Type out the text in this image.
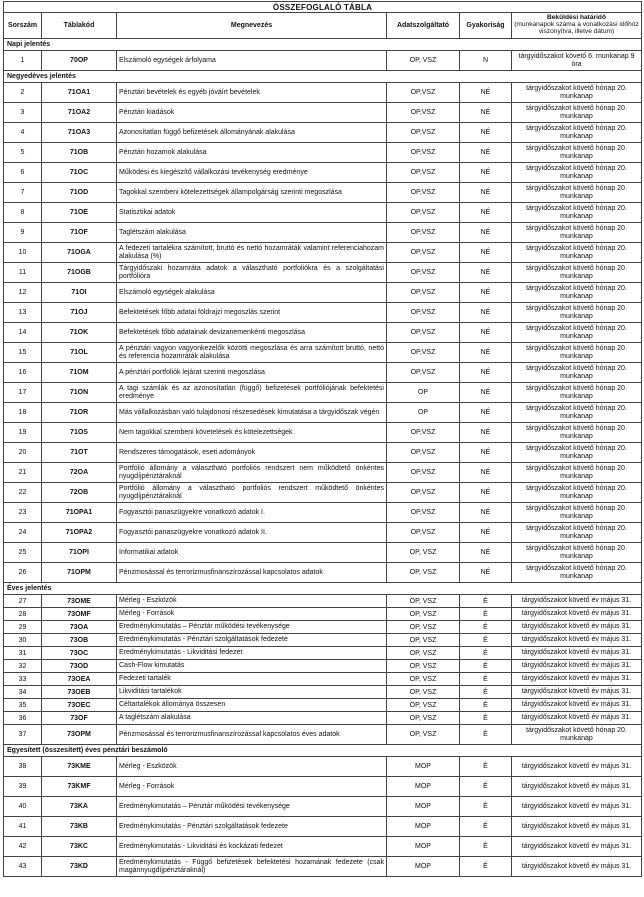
ÖSSZEFOGLALÓ TÁBLA					
Sorszám	Táblakód	Megnevezés	Adatszolgáltató	Gyakoriság	Beküldési határidő
(munkanapok száma a vonatkozási időhöz viszonyítva, illetve dátum)

Napi jelentés					
1	70OP	Elszámoló egységek árfolyama	OP, VSZ	N	tárgyidőszakot követő 6. munkanap 9 óra
Negyedéves jelentés					
2	71OA1	Pénztári bevételek és egyéb jóváírt bevételek	OP,VSZ	NÉ	tárgyidőszakot követő hónap 20. munkanap
3	71OA2	Pénztári kiadások	OP,VSZ	NÉ	tárgyidőszakot követő hónap 20. munkanap
4	71OA3	Azonosítatlan függő befizetések állományának alakulása	OP,VSZ	NÉ	tárgyidőszakot követő hónap 20. munkanap
5	71OB	Pénztári hozamok alakulása	OP,VSZ	NÉ	tárgyidőszakot követő hónap 20. munkanap
6	71OC	Működési és kiegészítő vállalkozási tevékenység eredménye	OP,VSZ	NÉ	tárgyidőszakot követő hónap 20. munkanap
7	71OD	Tagokkal szembeni kötelezettségek állampolgárság szerinti megoszlása	OP,VSZ	NÉ	tárgyidőszakot követő hónap 20. munkanap
8	71OE	Statisztikai adatok	OP,VSZ	NÉ	tárgyidőszakot követő hónap 20. munkanap
9	71OF	Taglétszám alakulása	OP,VSZ	NÉ	tárgyidőszakot követő hónap 20. munkanap
10	71OGA	A fedezeti tartalékra számított, bruttó és nettó hozamráták valamint referenciahozam alakulása (%)	OP,VSZ	NÉ	tárgyidőszakot követő hónap 20. munkanap
11	71OGB	Tárgyidőszaki hozamráta adatok a választható portfoliókra és a szolgáltatási portfólióra	OP,VSZ	NÉ	tárgyidőszakot követő hónap 20. munkanap
12	71OI	Elszámoló egységek alakulása	OP,VSZ	NÉ	tárgyidőszakot követő hónap 20. munkanap
13	71OJ	Befektetések főbb adatai földrajzi megoszlás szerint	OP,VSZ	NÉ	tárgyidőszakot követő hónap 20. munkanap
14	71OK	Befektetések főbb adatainak devizanemenkénti megoszlása	OP,VSZ	NÉ	tárgyidőszakot követő hónap 20. munkanap
15	71OL	A pénztári vagyon vagyonkezelők közötti megoszlása és arra számított bruttó, nettó és referencia hozamráták alakulása	OP,VSZ	NÉ	tárgyidőszakot követő hónap 20. munkanap
16	71OM	A pénztári portfoliók lejárat szerinti megoszlása	OP,VSZ	NÉ	tárgyidőszakot követő hónap 20. munkanap
17	71ON	A tagi számlák és az azonosítatlan (függő) befizetések portfóliójának befektetési eredménye	OP	NÉ	tárgyidőszakot követő hónap 20. munkanap
18	71OR	Más vállalkozásban való tulajdonosi részesedések kimutatása a tárgyidőszak végén	OP	NÉ	tárgyidőszakot követő hónap 20. munkanap
19	71OS	Nem tagokkal szembeni követelések és kötelezettségek	OP,VSZ	NÉ	tárgyidőszakot követő hónap 20. munkanap
20	71OT	Rendszeres támogatások, eseti adományok	OP,VSZ	NÉ	tárgyidőszakot követő hónap 20. munkanap
21	72OA	Portfólió állomány a választható portfoliós rendszert nem működtető önkéntes nyugdíjpénztáraknál	OP,VSZ	NÉ	tárgyidőszakot követő hónap 20. munkanap
22	72OB	Portfólió állomány a választható portfoliós rendszert működtető önkéntes nyugdíjpénztáraknál	OP,VSZ	NÉ	tárgyidőszakot követő hónap 20. munkanap
23	71OPA1	Fogyasztói panaszügyekre vonatkozó adatok I.	OP,VSZ	NÉ	tárgyidőszakot követő hónap 20. munkanap
24	71OPA2	Fogyasztói panaszügyekre vonatkozó adatok II.	OP,VSZ	NÉ	tárgyidőszakot követő hónap 20. munkanap
25	71OPI	Informatikai adatok	OP, VSZ	NÉ	tárgyidőszakot követő hónap 20. munkanap
26	71OPM	Pénzmosással és terrorizmusfinanszírozással kapcsolatos adatok	OP, VSZ	NÉ	tárgyidőszakot követő hónap 20. munkanap
Éves jelentés					
27	73OME	Mérleg - Eszközök	OP, VSZ	É	tárgyidőszakot követő év május 31.
28	73OMF	Mérleg - Források	OP, VSZ	É	tárgyidőszakot követő év május 31.
29	73OA	Eredménykimutatás – Pénztár működési tevékenysége	OP, VSZ	É	tárgyidőszakot követő év május 31.
30	73OB	Eredménykimutatás - Pénztári szolgáltatások fedezete	OP, VSZ	É	tárgyidőszakot követő év május 31.
31	73OC	Eredménykimutatás - Likviditási fedezet	OP, VSZ	É	tárgyidőszakot követő év május 31.
32	73OD	Cash-Flow kimutatás	OP, VSZ	É	tárgyidőszakot követő év május 31.
33	73OEA	Fedezeti tartalék	OP, VSZ	É	tárgyidőszakot követő év május 31.
34	73OEB	Likviditási tartalékok	OP, VSZ	É	tárgyidőszakot követő év május 31.
35	73OEC	Céltartalékok állománya összesen	OP, VSZ	É	tárgyidőszakot követő év május 31.
36	73OF	A taglétszám alakulása	OP, VSZ	É	tárgyidőszakot követő év május 31.
37	73OPM	Pénzmosással és terrorizmusfinanszírozással kapcsolatos éves adatok	OP, VSZ	É	tárgyidőszakot követő hónap 20. munkanap
Egyesített (összesített) éves pénztári beszámoló					
38	73KME	Mérleg - Eszközök	MOP	É	tárgyidőszakot követő év május 31.
39	73KMF	Mérleg - Források	MOP	É	tárgyidőszakot követő év május 31.
40	73KA	Eredménykimutatás – Pénztár működési tevékenysége	MOP	É	tárgyidőszakot követő év május 31.
41	73KB	Eredménykimutatás - Pénztári szolgáltatások fedezete	MOP	É	tárgyidőszakot követő év május 31.
42	73KC	Eredménykimutatás - Likviditási és kockázati fedezet	MOP	É	tárgyidőszakot követő év május 31.
43	73KD	Eredménykimutatás - Függő befizetések befektetési hozamának fedezete (csak magánnyugdíjpénztáraknál)	MOP	É	tárgyidőszakot követő év május 31.
